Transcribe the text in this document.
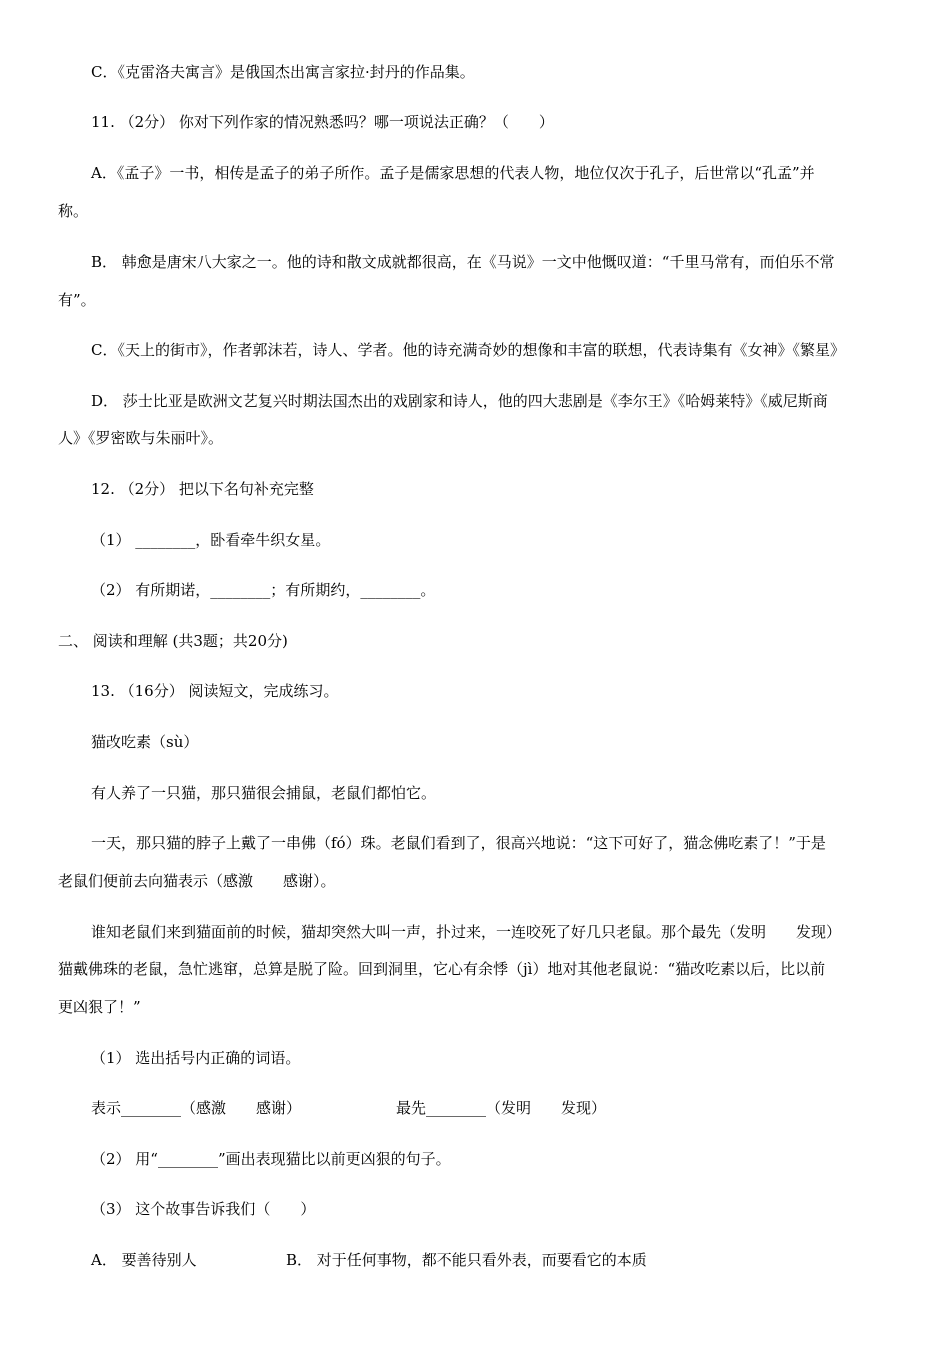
C．《克雷洛夫寓言》是俄国杰出寓言家拉·封丹的作品集。
11. （2分） 你对下列作家的情况熟悉吗？哪一项说法正确？（　　）
A．《孟子》一书，相传是孟子的弟子所作。孟子是儒家思想的代表人物，地位仅次于孔子，后世常以“孔孟”并
称。
B． 韩愈是唐宋八大家之一。他的诗和散文成就都很高，在《马说》一文中他慨叹道：“千里马常有，而伯乐不常
有”。
C．《天上的街市》，作者郭沫若，诗人、学者。他的诗充满奇妙的想像和丰富的联想，代表诗集有《女神》《繁星》
D． 莎士比亚是欧洲文艺复兴时期法国杰出的戏剧家和诗人，他的四大悲剧是《李尔王》《哈姆莱特》《威尼斯商
人》《罗密欧与朱丽叶》。
12. （2分） 把以下名句补充完整
（1） ________，卧看牵牛织女星。
（2） 有所期诺，________；有所期约，________。
二、 阅读和理解 (共3题；共20分)
13. （16分） 阅读短文，完成练习。
猫改吃素（sù）
有人养了一只猫，那只猫很会捕鼠，老鼠们都怕它。
一天，那只猫的脖子上戴了一串佛（fó）珠。老鼠们看到了，很高兴地说：“这下可好了，猫念佛吃素了！”于是
老鼠们便前去向猫表示（感激　　感谢）。
谁知老鼠们来到猫面前的时候，猫却突然大叫一声，扑过来，一连咬死了好几只老鼠。那个最先（发明　　发现）
猫戴佛珠的老鼠，急忙逃窜，总算是脱了险。回到洞里，它心有余悸（jì）地对其他老鼠说：“猫改吃素以后，比以前
更凶狠了！”
（1） 选出括号内正确的词语。
表示________（感激　　感谢）	最先________（发明　　发现）
（2） 用“________”画出表现猫比以前更凶狠的句子。
（3） 这个故事告诉我们（　　）
A． 要善待别人	B． 对于任何事物，都不能只看外表，而要看它的本质
